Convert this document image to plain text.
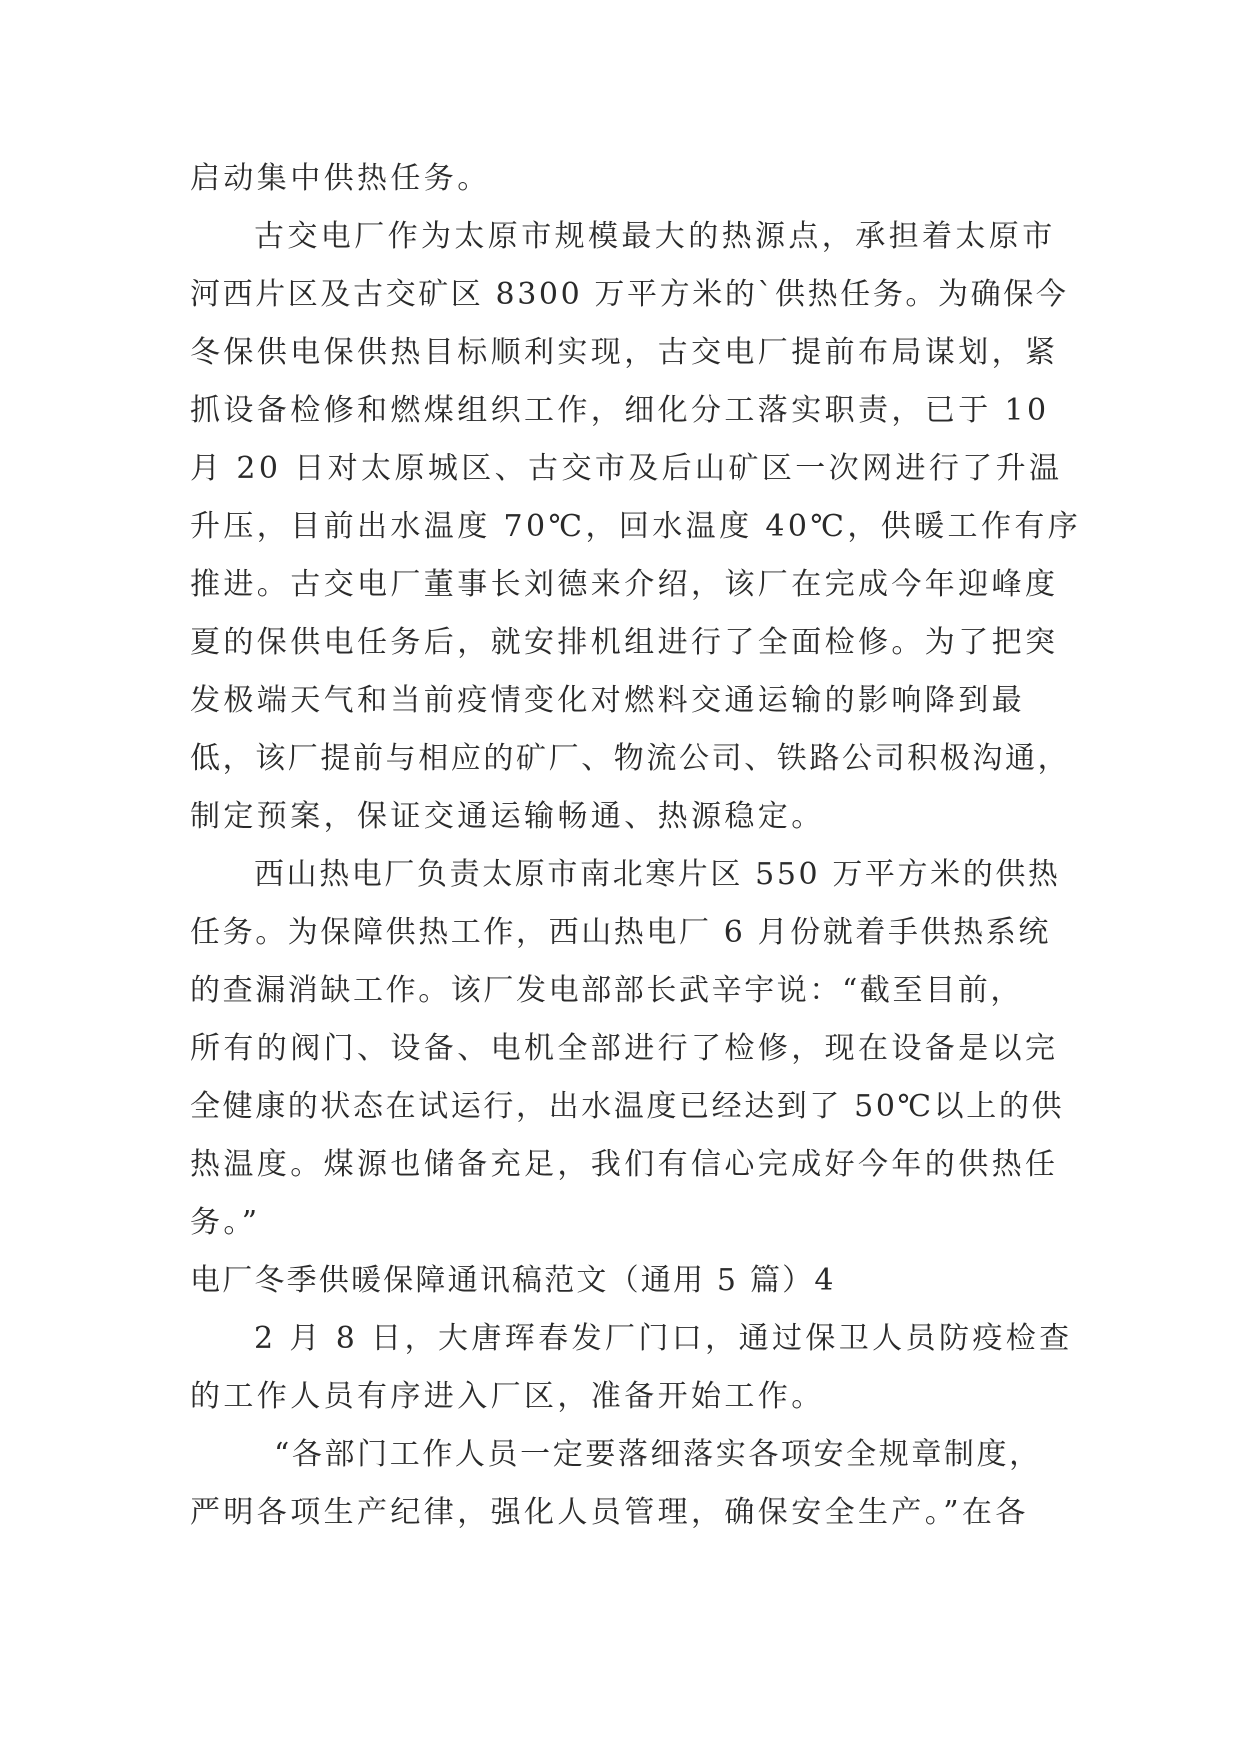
启动集中供热任务。
古交电厂作为太原市规模最大的热源点，承担着太原市
河西片区及古交矿区 8300 万平方米的`供热任务。为确保今
冬保供电保供热目标顺利实现，古交电厂提前布局谋划，紧
抓设备检修和燃煤组织工作，细化分工落实职责，已于 10
月 20 日对太原城区、古交市及后山矿区一次网进行了升温
升压，目前出水温度 70℃，回水温度 40℃，供暖工作有序
推进。古交电厂董事长刘德来介绍，该厂在完成今年迎峰度
夏的保供电任务后，就安排机组进行了全面检修。为了把突
发极端天气和当前疫情变化对燃料交通运输的影响降到最
低，该厂提前与相应的矿厂、物流公司、铁路公司积极沟通，
制定预案，保证交通运输畅通、热源稳定。
西山热电厂负责太原市南北寒片区 550 万平方米的供热
任务。为保障供热工作，西山热电厂 6 月份就着手供热系统
的查漏消缺工作。该厂发电部部长武辛宇说：“截至目前，
所有的阀门、设备、电机全部进行了检修，现在设备是以完
全健康的状态在试运行，出水温度已经达到了 50℃以上的供
热温度。煤源也储备充足，我们有信心完成好今年的供热任
务。”
电厂冬季供暖保障通讯稿范文（通用 5 篇）4
2 月 8 日，大唐珲春发厂门口，通过保卫人员防疫检查
的工作人员有序进入厂区，准备开始工作。
“各部门工作人员一定要落细落实各项安全规章制度，
严明各项生产纪律，强化人员管理，确保安全生产。”在各
